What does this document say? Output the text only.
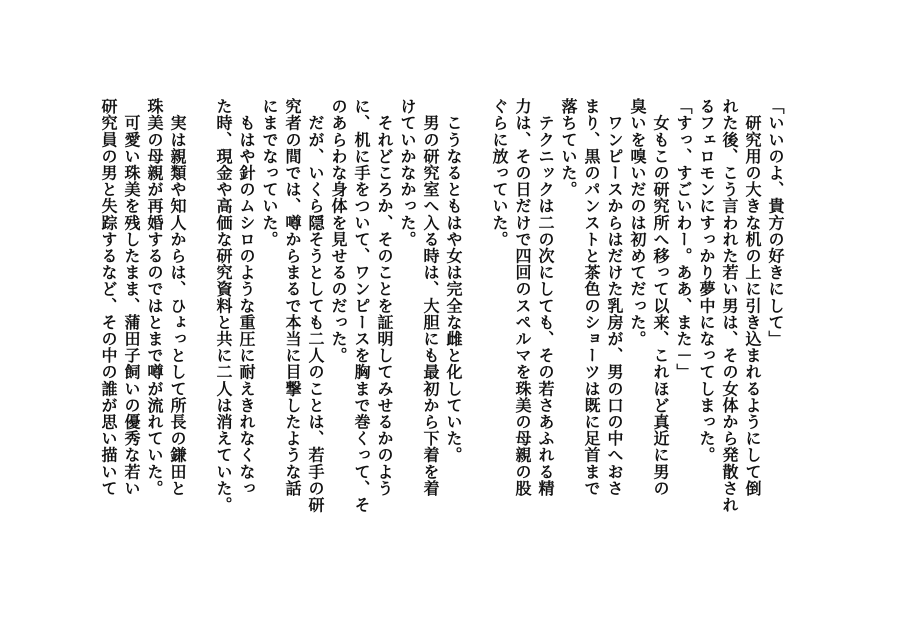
「いいのよ、貴方の好きにして」
　研究用の大きな机の上に引き込まれるようにして倒
れた後、こう言われた若い男は、その女体から発散され
るフェロモンにすっかり夢中になってしまった。
「すっ、すごいわー。ああ、また－」
　女もこの研究所へ移って以来、これほど真近に男の
臭いを嗅いだのは初めてだった。
　ワンピースからはだけた乳房が、男の口の中へおさ
まり、黒のパンストと茶色のショーツは既に足首まで
落ちていた。
　テクニックは二の次にしても、その若さあふれる精
力は、その日だけで四回のスペルマを珠美の母親の股
ぐらに放っていた。
　こうなるともはや女は完全な雌と化していた。
　男の研究室へ入る時は、大胆にも最初から下着を着
けていかなかった。
　それどころか、そのことを証明してみせるかのよう
に、机に手をついて、ワンピースを胸まで巻くって、そ
のあらわな身体を見せるのだった。
　だが、いくら隠そうとしても二人のことは、若手の研
究者の間では、噂からまるで本当に目撃したような話
にまでなっていた。
　もはや針のムシロのような重圧に耐えきれなくなっ
た時、現金や高価な研究資料と共に二人は消えていた。
　実は親類や知人からは、ひょっとして所長の鎌田と
珠美の母親が再婚するのではとまで噂が流れていた。
　可愛い珠美を残したまま、蒲田子飼いの優秀な若い
研究員の男と失踪するなど、その中の誰が思い描いて
